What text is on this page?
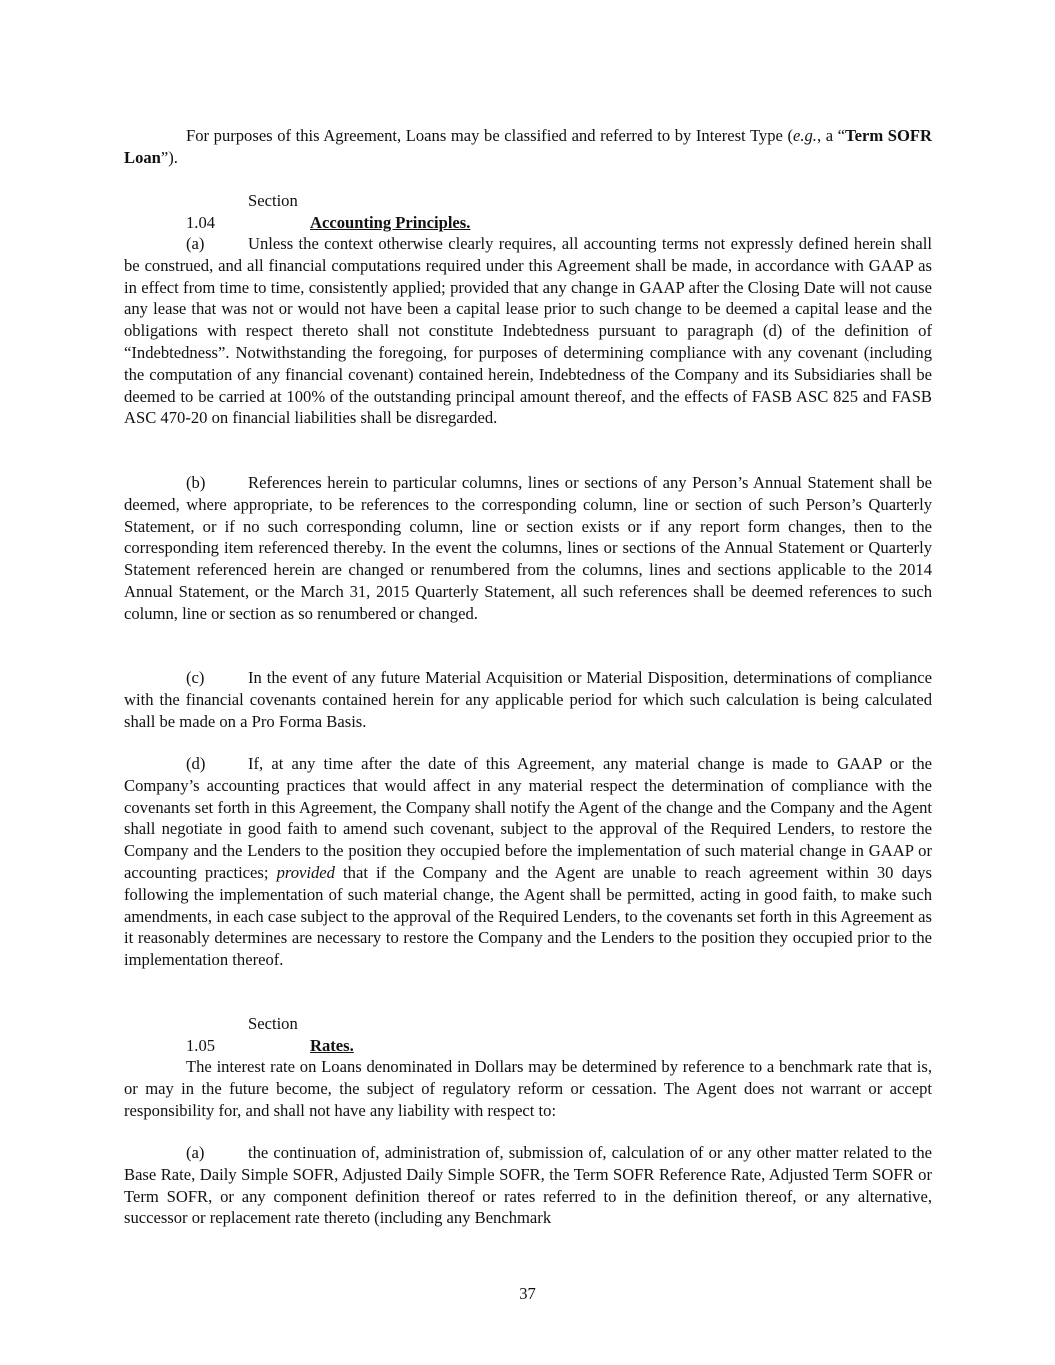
For purposes of this Agreement, Loans may be classified and referred to by Interest Type (e.g., a “Term SOFR Loan”).

Section 1.04	Accounting Principles.

(a)	Unless the context otherwise clearly requires, all accounting terms not expressly defined herein shall be construed, and all financial computations required under this Agreement shall be made, in accordance with GAAP as in effect from time to time, consistently applied; provided that any change in GAAP after the Closing Date will not cause any lease that was not or would not have been a capital lease prior to such change to be deemed a capital lease and the obligations with respect thereto shall not constitute Indebtedness pursuant to paragraph (d) of the definition of “Indebtedness”. Notwithstanding the foregoing, for purposes of determining compliance with any covenant (including the computation of any financial covenant) contained herein, Indebtedness of the Company and its Subsidiaries shall be deemed to be carried at 100% of the outstanding principal amount thereof, and the effects of FASB ASC 825 and FASB ASC 470-20 on financial liabilities shall be disregarded.

(b)	References herein to particular columns, lines or sections of any Person’s Annual Statement shall be deemed, where appropriate, to be references to the corresponding column, line or section of such Person’s Quarterly Statement, or if no such corresponding column, line or section exists or if any report form changes, then to the corresponding item referenced thereby. In the event the columns, lines or sections of the Annual Statement or Quarterly Statement referenced herein are changed or renumbered from the columns, lines and sections applicable to the 2014 Annual Statement, or the March 31, 2015 Quarterly Statement, all such references shall be deemed references to such column, line or section as so renumbered or changed.

(c)	In the event of any future Material Acquisition or Material Disposition, determinations of compliance with the financial covenants contained herein for any applicable period for which such calculation is being calculated shall be made on a Pro Forma Basis.

(d)	If, at any time after the date of this Agreement, any material change is made to GAAP or the Company’s accounting practices that would affect in any material respect the determination of compliance with the covenants set forth in this Agreement, the Company shall notify the Agent of the change and the Company and the Agent shall negotiate in good faith to amend such covenant, subject to the approval of the Required Lenders, to restore the Company and the Lenders to the position they occupied before the implementation of such material change in GAAP or accounting practices; provided that if the Company and the Agent are unable to reach agreement within 30 days following the implementation of such material change, the Agent shall be permitted, acting in good faith, to make such amendments, in each case subject to the approval of the Required Lenders, to the covenants set forth in this Agreement as it reasonably determines are necessary to restore the Company and the Lenders to the position they occupied prior to the implementation thereof.

Section 1.05	Rates.

The interest rate on Loans denominated in Dollars may be determined by reference to a benchmark rate that is, or may in the future become, the subject of regulatory reform or cessation. The Agent does not warrant or accept responsibility for, and shall not have any liability with respect to:

(a)	the continuation of, administration of, submission of, calculation of or any other matter related to the Base Rate, Daily Simple SOFR, Adjusted Daily Simple SOFR, the Term SOFR Reference Rate, Adjusted Term SOFR or Term SOFR, or any component definition thereof or rates referred to in the definition thereof, or any alternative, successor or replacement rate thereto (including any Benchmark

37
